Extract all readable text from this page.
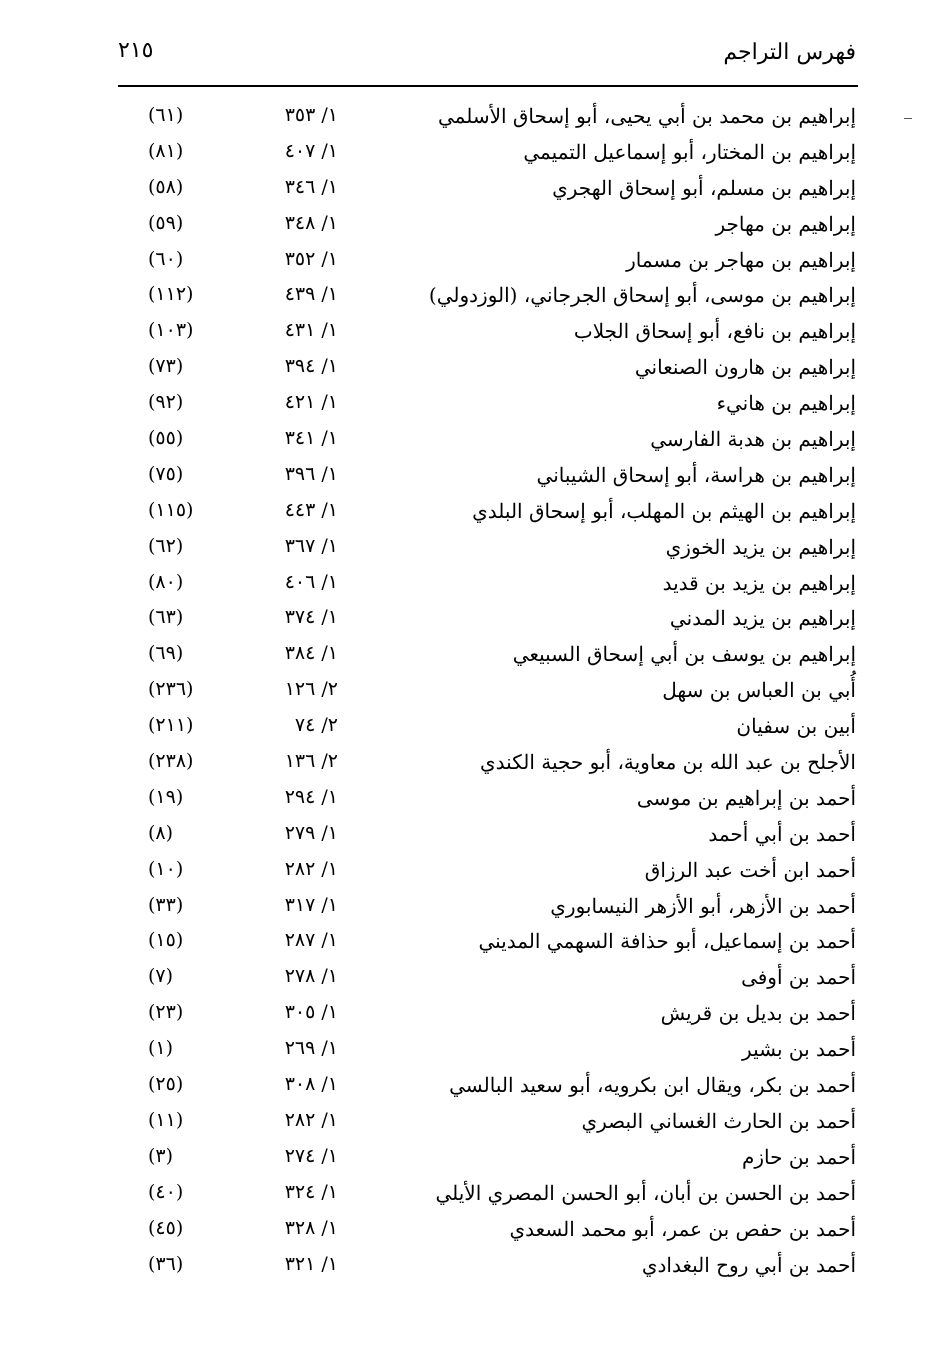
فهرس التراجم
٢١٥
إبراهيم بن محمد بن أبي يحيى، أبو إسحاق الأسلمي
١/ ٣٥٣
(٦١)
إبراهيم بن المختار، أبو إسماعيل التميمي
١/ ٤٠٧
(٨١)
إبراهيم بن مسلم، أبو إسحاق الهجري
١/ ٣٤٦
(٥٨)
إبراهيم بن مهاجر
١/ ٣٤٨
(٥٩)
إبراهيم بن مهاجر بن مسمار
١/ ٣٥٢
(٦٠)
إبراهيم بن موسى، أبو إسحاق الجرجاني، (الوزدولي)
١/ ٤٣٩
(١١٢)
إبراهيم بن نافع، أبو إسحاق الجلاب
١/ ٤٣١
(١٠٣)
إبراهيم بن هارون الصنعاني
١/ ٣٩٤
(٧٣)
إبراهيم بن هانيء
١/ ٤٢١
(٩٢)
إبراهيم بن هدبة الفارسي
١/ ٣٤١
(٥٥)
إبراهيم بن هراسة، أبو إسحاق الشيباني
١/ ٣٩٦
(٧٥)
إبراهيم بن الهيثم بن المهلب، أبو إسحاق البلدي
١/ ٤٤٣
(١١٥)
إبراهيم بن يزيد الخوزي
١/ ٣٦٧
(٦٢)
إبراهيم بن يزيد بن قديد
١/ ٤٠٦
(٨٠)
إبراهيم بن يزيد المدني
١/ ٣٧٤
(٦٣)
إبراهيم بن يوسف بن أبي إسحاق السبيعي
١/ ٣٨٤
(٦٩)
أُبي بن العباس بن سهل
٢/ ١٢٦
(٢٣٦)
أبين بن سفيان
٢/ ٧٤
(٢١١)
الأجلح بن عبد الله بن معاوية، أبو حجية الكندي
٢/ ١٣٦
(٢٣٨)
أحمد بن إبراهيم بن موسى
١/ ٢٩٤
(١٩)
أحمد بن أبي أحمد
١/ ٢٧٩
(٨)
أحمد ابن أخت عبد الرزاق
١/ ٢٨٢
(١٠)
أحمد بن الأزهر، أبو الأزهر النيسابوري
١/ ٣١٧
(٣٣)
أحمد بن إسماعيل، أبو حذافة السهمي المديني
١/ ٢٨٧
(١٥)
أحمد بن أوفى
١/ ٢٧٨
(٧)
أحمد بن بديل بن قريش
١/ ٣٠٥
(٢٣)
أحمد بن بشير
١/ ٢٦٩
(١)
أحمد بن بكر، ويقال ابن بكرويه، أبو سعيد البالسي
١/ ٣٠٨
(٢٥)
أحمد بن الحارث الغساني البصري
١/ ٢٨٢
(١١)
أحمد بن حازم
١/ ٢٧٤
(٣)
أحمد بن الحسن بن أبان، أبو الحسن المصري الأيلي
١/ ٣٢٤
(٤٠)
أحمد بن حفص بن عمر، أبو محمد السعدي
١/ ٣٢٨
(٤٥)
أحمد بن أبي روح البغدادي
١/ ٣٢١
(٣٦)
